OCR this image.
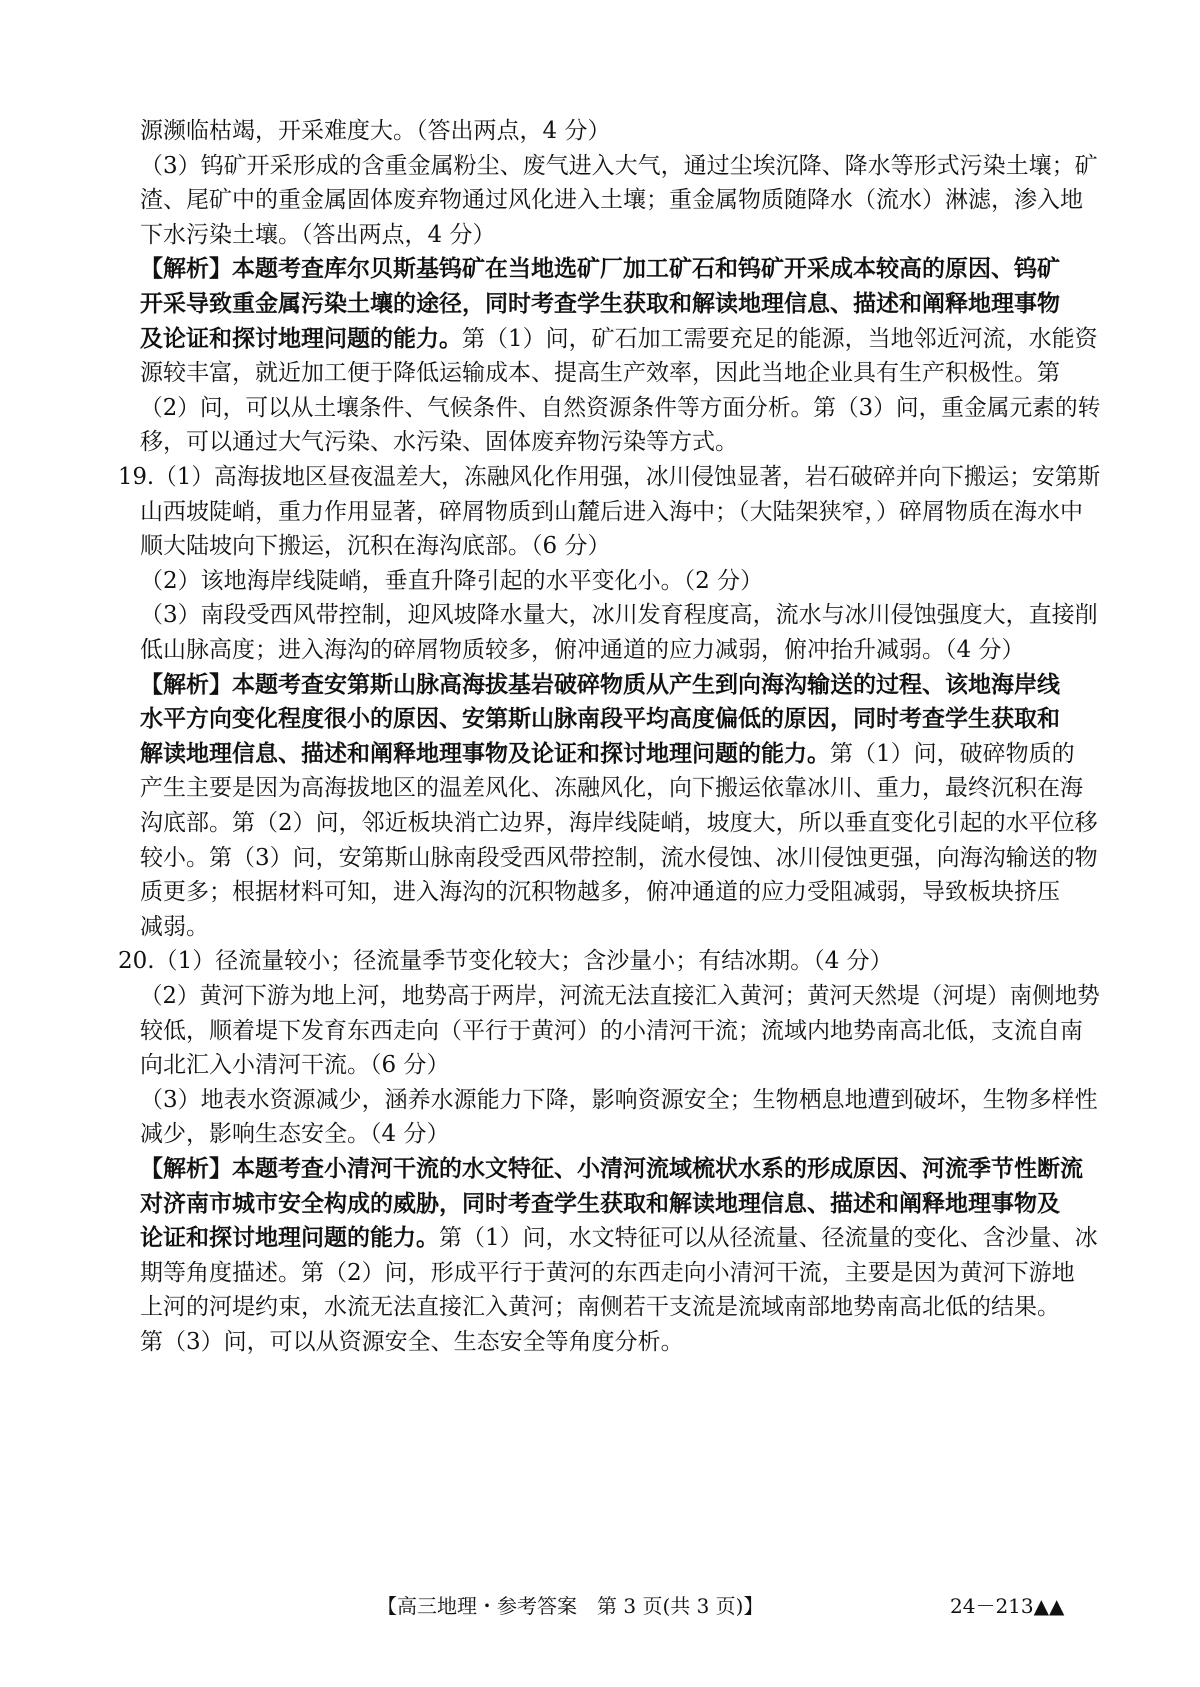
源濒临枯竭，开采难度大。（答出两点，4 分）
（3）钨矿开采形成的含重金属粉尘、废气进入大气，通过尘埃沉降、降水等形式污染土壤；矿
渣、尾矿中的重金属固体废弃物通过风化进入土壤；重金属物质随降水（流水）淋滤，渗入地
下水污染土壤。（答出两点，4 分）
【解析】本题考查库尔贝斯基钨矿在当地选矿厂加工矿石和钨矿开采成本较高的原因、钨矿
开采导致重金属污染土壤的途径，同时考查学生获取和解读地理信息、描述和阐释地理事物
及论证和探讨地理问题的能力。第（1）问，矿石加工需要充足的能源，当地邻近河流，水能资
源较丰富，就近加工便于降低运输成本、提高生产效率，因此当地企业具有生产积极性。第
（2）问，可以从土壤条件、气候条件、自然资源条件等方面分析。第（3）问，重金属元素的转
移，可以通过大气污染、水污染、固体废弃物污染等方式。
19.（1）高海拔地区昼夜温差大，冻融风化作用强，冰川侵蚀显著，岩石破碎并向下搬运；安第斯
山西坡陡峭，重力作用显著，碎屑物质到山麓后进入海中；（大陆架狭窄，）碎屑物质在海水中
顺大陆坡向下搬运，沉积在海沟底部。（6 分）
（2）该地海岸线陡峭，垂直升降引起的水平变化小。（2 分）
（3）南段受西风带控制，迎风坡降水量大，冰川发育程度高，流水与冰川侵蚀强度大，直接削
低山脉高度；进入海沟的碎屑物质较多，俯冲通道的应力减弱，俯冲抬升减弱。（4 分）
【解析】本题考查安第斯山脉高海拔基岩破碎物质从产生到向海沟输送的过程、该地海岸线
水平方向变化程度很小的原因、安第斯山脉南段平均高度偏低的原因，同时考查学生获取和
解读地理信息、描述和阐释地理事物及论证和探讨地理问题的能力。第（1）问，破碎物质的
产生主要是因为高海拔地区的温差风化、冻融风化，向下搬运依靠冰川、重力，最终沉积在海
沟底部。第（2）问，邻近板块消亡边界，海岸线陡峭，坡度大，所以垂直变化引起的水平位移
较小。第（3）问，安第斯山脉南段受西风带控制，流水侵蚀、冰川侵蚀更强，向海沟输送的物
质更多；根据材料可知，进入海沟的沉积物越多，俯冲通道的应力受阻减弱，导致板块挤压
减弱。
20.（1）径流量较小；径流量季节变化较大；含沙量小；有结冰期。（4 分）
（2）黄河下游为地上河，地势高于两岸，河流无法直接汇入黄河；黄河天然堤（河堤）南侧地势
较低，顺着堤下发育东西走向（平行于黄河）的小清河干流；流域内地势南高北低，支流自南
向北汇入小清河干流。（6 分）
（3）地表水资源减少，涵养水源能力下降，影响资源安全；生物栖息地遭到破坏，生物多样性
减少，影响生态安全。（4 分）
【解析】本题考查小清河干流的水文特征、小清河流域梳状水系的形成原因、河流季节性断流
对济南市城市安全构成的威胁，同时考查学生获取和解读地理信息、描述和阐释地理事物及
论证和探讨地理问题的能力。第（1）问，水文特征可以从径流量、径流量的变化、含沙量、冰
期等角度描述。第（2）问，形成平行于黄河的东西走向小清河干流，主要是因为黄河下游地
上河的河堤约束，水流无法直接汇入黄河；南侧若干支流是流域南部地势南高北低的结果。
第（3）问，可以从资源安全、生态安全等角度分析。
【高三地理・参考答案　第 3 页(共 3 页)】	24－213▲▲
